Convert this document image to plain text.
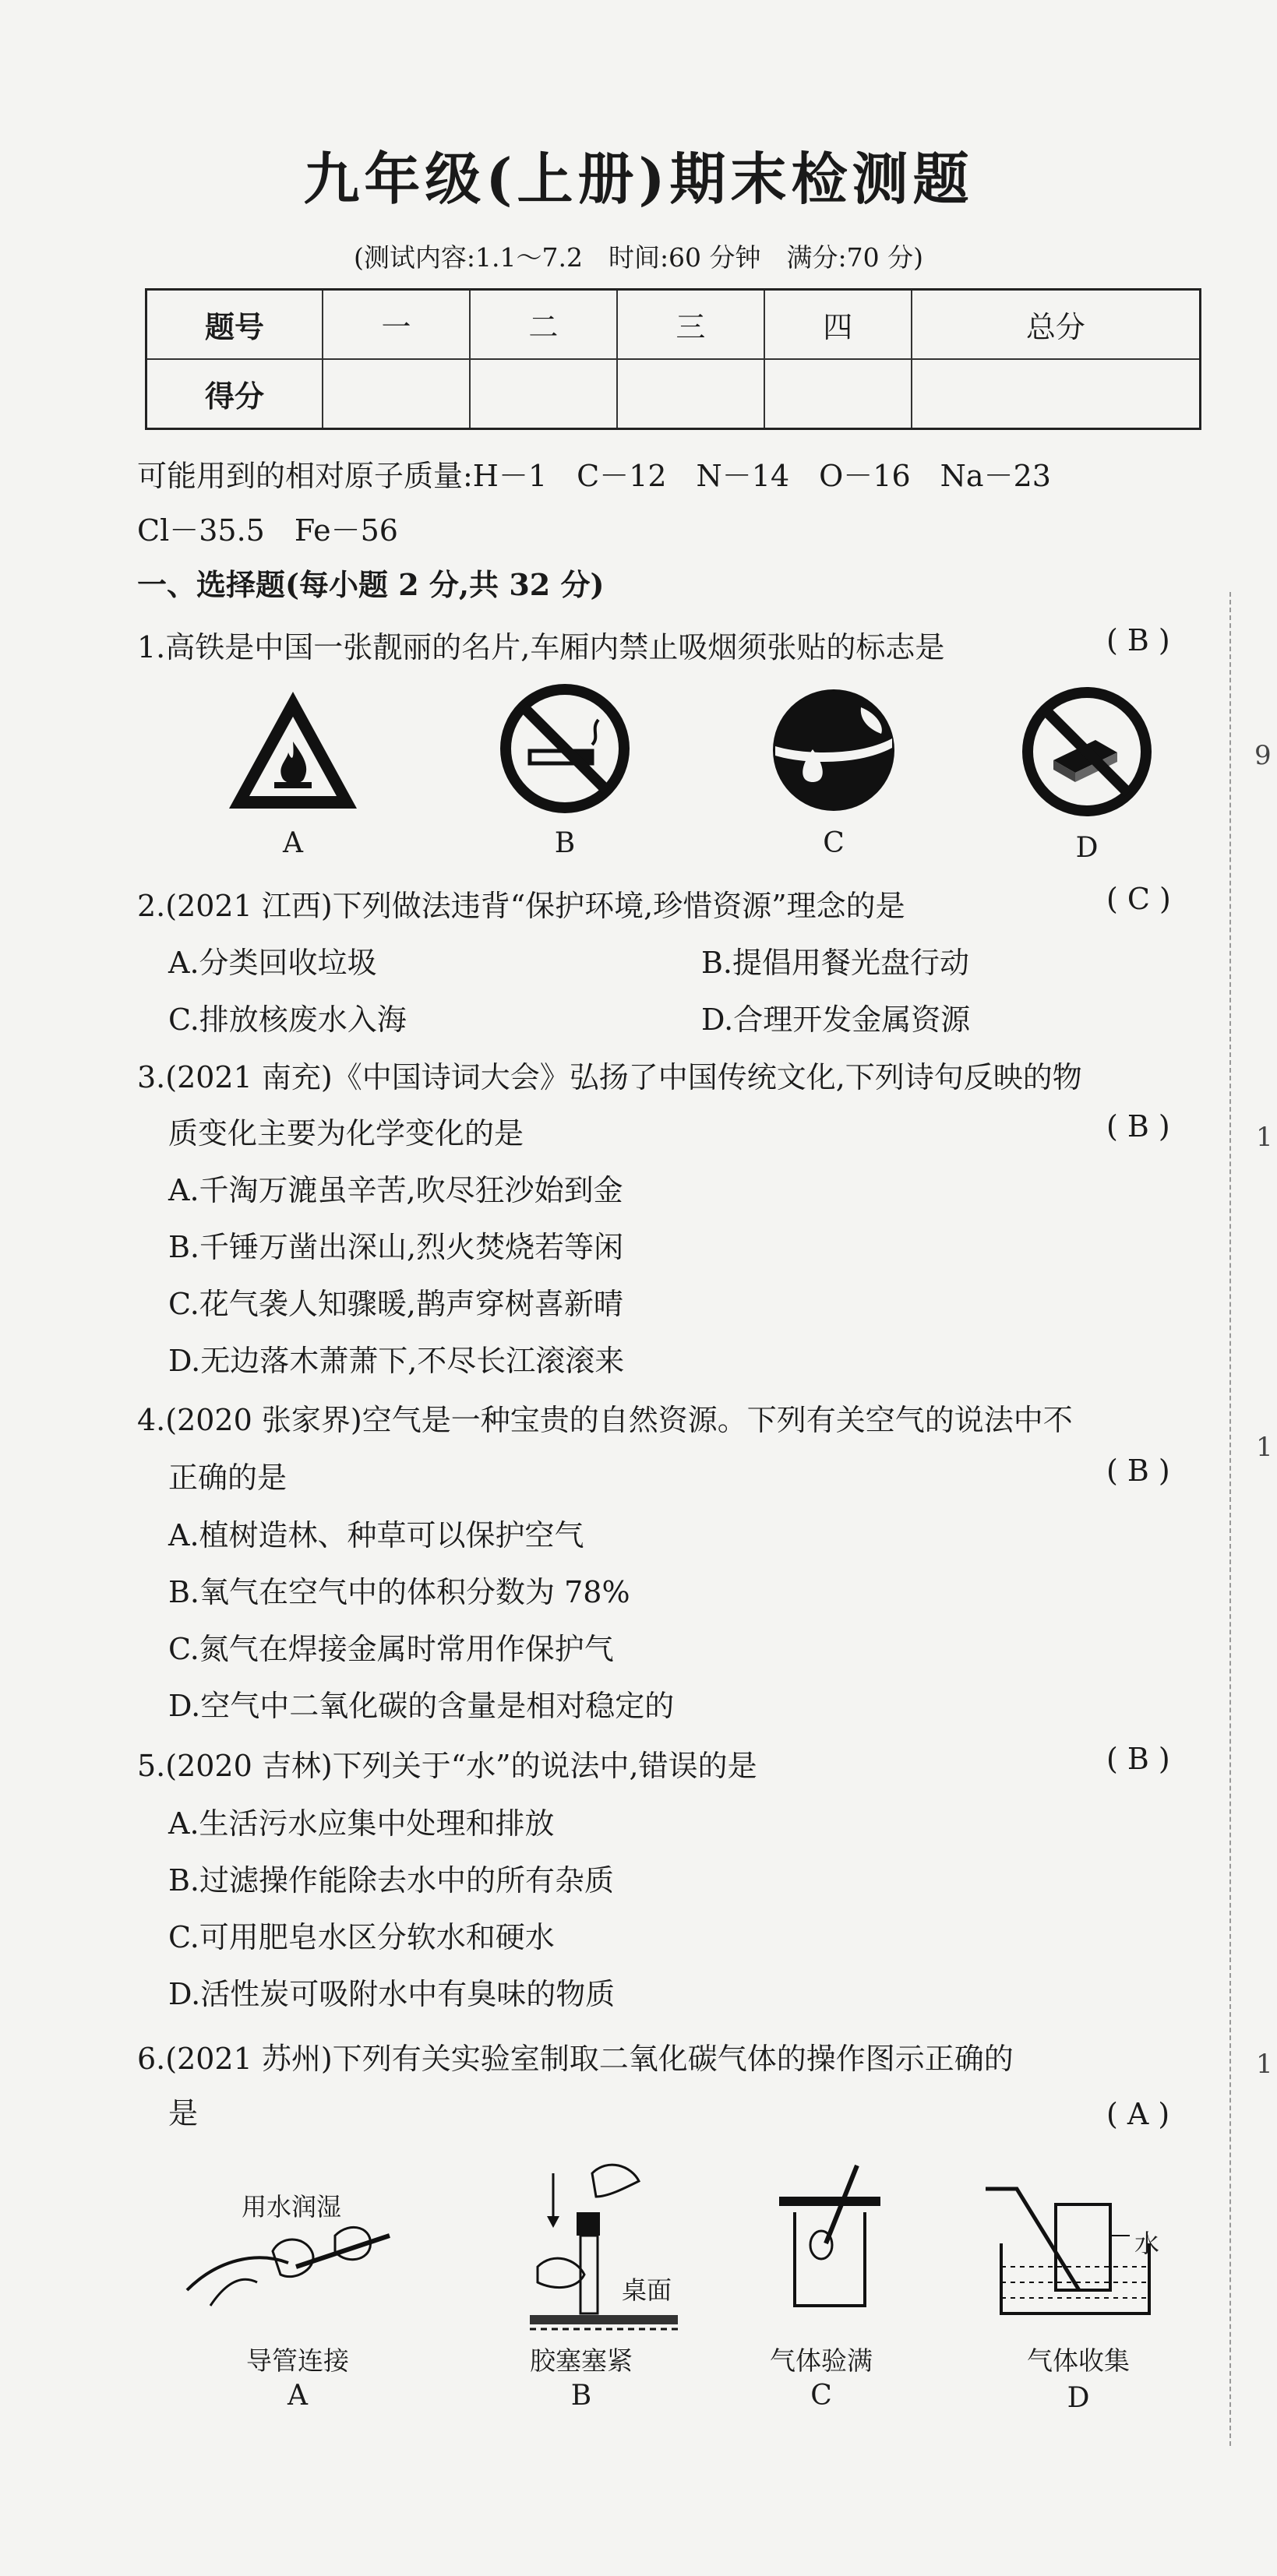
九年级(上册)期末检测题
(测试内容:1.1～7.2　时间:60 分钟　满分:70 分)
题号	一	二	三	四	总分
得分					
可能用到的相对原子质量:H－1　C－12　N－14　O－16　Na－23
Cl－35.5　Fe－56
一、选择题(每小题 2 分,共 32 分)
1.高铁是中国一张靓丽的名片,车厢内禁止吸烟须张贴的标志是	( B )
A	B	C	D
2.(2021 江西)下列做法违背“保护环境,珍惜资源”理念的是	( C )
A.分类回收垃圾	B.提倡用餐光盘行动
C.排放核废水入海	D.合理开发金属资源
3.(2021 南充)《中国诗词大会》弘扬了中国传统文化,下列诗句反映的物
质变化主要为化学变化的是	( B )
A.千淘万漉虽辛苦,吹尽狂沙始到金
B.千锤万凿出深山,烈火焚烧若等闲
C.花气袭人知骤暖,鹊声穿树喜新晴
D.无边落木萧萧下,不尽长江滚滚来
4.(2020 张家界)空气是一种宝贵的自然资源。下列有关空气的说法中不
正确的是	( B )
A.植树造林、种草可以保护空气
B.氧气在空气中的体积分数为 78%
C.氮气在焊接金属时常用作保护气
D.空气中二氧化碳的含量是相对稳定的
5.(2020 吉林)下列关于“水”的说法中,错误的是	( B )
A.生活污水应集中处理和排放
B.过滤操作能除去水中的所有杂质
C.可用肥皂水区分软水和硬水
D.活性炭可吸附水中有臭味的物质
6.(2021 苏州)下列有关实验室制取二氧化碳气体的操作图示正确的
是	( A )
用水润湿
桌面
水
导管连接	胶塞塞紧	气体验满	气体收集
A	B	C	D
9
1
1
1
